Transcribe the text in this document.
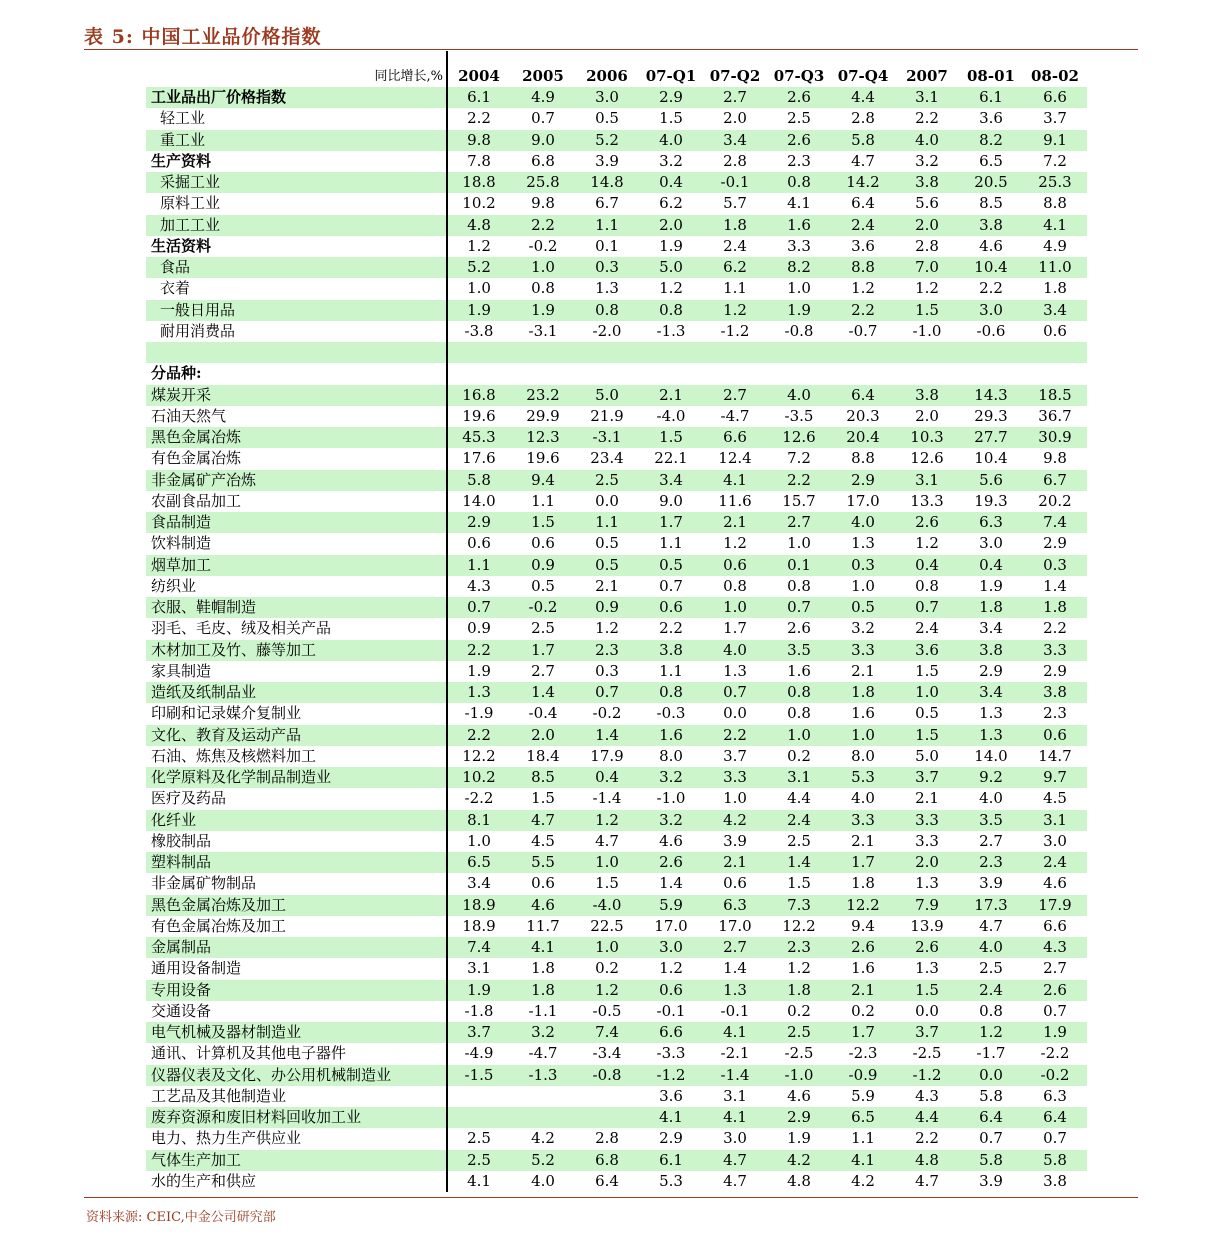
表 5: 中国工业品价格指数
同比增长,%	2004	2005	2006	07-Q1	07-Q2	07-Q3	07-Q4	2007	08-01	08-02
工业品出厂价格指数	6.1	4.9	3.0	2.9	2.7	2.6	4.4	3.1	6.1	6.6
轻工业	2.2	0.7	0.5	1.5	2.0	2.5	2.8	2.2	3.6	3.7
重工业	9.8	9.0	5.2	4.0	3.4	2.6	5.8	4.0	8.2	9.1
生产资料	7.8	6.8	3.9	3.2	2.8	2.3	4.7	3.2	6.5	7.2
采掘工业	18.8	25.8	14.8	0.4	-0.1	0.8	14.2	3.8	20.5	25.3
原料工业	10.2	9.8	6.7	6.2	5.7	4.1	6.4	5.6	8.5	8.8
加工工业	4.8	2.2	1.1	2.0	1.8	1.6	2.4	2.0	3.8	4.1
生活资料	1.2	-0.2	0.1	1.9	2.4	3.3	3.6	2.8	4.6	4.9
食品	5.2	1.0	0.3	5.0	6.2	8.2	8.8	7.0	10.4	11.0
衣着	1.0	0.8	1.3	1.2	1.1	1.0	1.2	1.2	2.2	1.8
一般日用品	1.9	1.9	0.8	0.8	1.2	1.9	2.2	1.5	3.0	3.4
耐用消费品	-3.8	-3.1	-2.0	-1.3	-1.2	-0.8	-0.7	-1.0	-0.6	0.6

分品种:										
煤炭开采	16.8	23.2	5.0	2.1	2.7	4.0	6.4	3.8	14.3	18.5
石油天然气	19.6	29.9	21.9	-4.0	-4.7	-3.5	20.3	2.0	29.3	36.7
黑色金属冶炼	45.3	12.3	-3.1	1.5	6.6	12.6	20.4	10.3	27.7	30.9
有色金属冶炼	17.6	19.6	23.4	22.1	12.4	7.2	8.8	12.6	10.4	9.8
非金属矿产冶炼	5.8	9.4	2.5	3.4	4.1	2.2	2.9	3.1	5.6	6.7
农副食品加工	14.0	1.1	0.0	9.0	11.6	15.7	17.0	13.3	19.3	20.2
食品制造	2.9	1.5	1.1	1.7	2.1	2.7	4.0	2.6	6.3	7.4
饮料制造	0.6	0.6	0.5	1.1	1.2	1.0	1.3	1.2	3.0	2.9
烟草加工	1.1	0.9	0.5	0.5	0.6	0.1	0.3	0.4	0.4	0.3
纺织业	4.3	0.5	2.1	0.7	0.8	0.8	1.0	0.8	1.9	1.4
衣服、鞋帽制造	0.7	-0.2	0.9	0.6	1.0	0.7	0.5	0.7	1.8	1.8
羽毛、毛皮、绒及相关产品	0.9	2.5	1.2	2.2	1.7	2.6	3.2	2.4	3.4	2.2
木材加工及竹、藤等加工	2.2	1.7	2.3	3.8	4.0	3.5	3.3	3.6	3.8	3.3
家具制造	1.9	2.7	0.3	1.1	1.3	1.6	2.1	1.5	2.9	2.9
造纸及纸制品业	1.3	1.4	0.7	0.8	0.7	0.8	1.8	1.0	3.4	3.8
印刷和记录媒介复制业	-1.9	-0.4	-0.2	-0.3	0.0	0.8	1.6	0.5	1.3	2.3
文化、教育及运动产品	2.2	2.0	1.4	1.6	2.2	1.0	1.0	1.5	1.3	0.6
石油、炼焦及核燃料加工	12.2	18.4	17.9	8.0	3.7	0.2	8.0	5.0	14.0	14.7
化学原料及化学制品制造业	10.2	8.5	0.4	3.2	3.3	3.1	5.3	3.7	9.2	9.7
医疗及药品	-2.2	1.5	-1.4	-1.0	1.0	4.4	4.0	2.1	4.0	4.5
化纤业	8.1	4.7	1.2	3.2	4.2	2.4	3.3	3.3	3.5	3.1
橡胶制品	1.0	4.5	4.7	4.6	3.9	2.5	2.1	3.3	2.7	3.0
塑料制品	6.5	5.5	1.0	2.6	2.1	1.4	1.7	2.0	2.3	2.4
非金属矿物制品	3.4	0.6	1.5	1.4	0.6	1.5	1.8	1.3	3.9	4.6
黑色金属冶炼及加工	18.9	4.6	-4.0	5.9	6.3	7.3	12.2	7.9	17.3	17.9
有色金属冶炼及加工	18.9	11.7	22.5	17.0	17.0	12.2	9.4	13.9	4.7	6.6
金属制品	7.4	4.1	1.0	3.0	2.7	2.3	2.6	2.6	4.0	4.3
通用设备制造	3.1	1.8	0.2	1.2	1.4	1.2	1.6	1.3	2.5	2.7
专用设备	1.9	1.8	1.2	0.6	1.3	1.8	2.1	1.5	2.4	2.6
交通设备	-1.8	-1.1	-0.5	-0.1	-0.1	0.2	0.2	0.0	0.8	0.7
电气机械及器材制造业	3.7	3.2	7.4	6.6	4.1	2.5	1.7	3.7	1.2	1.9
通讯、计算机及其他电子器件	-4.9	-4.7	-3.4	-3.3	-2.1	-2.5	-2.3	-2.5	-1.7	-2.2
仪器仪表及文化、办公用机械制造业	-1.5	-1.3	-0.8	-1.2	-1.4	-1.0	-0.9	-1.2	0.0	-0.2
工艺品及其他制造业				3.6	3.1	4.6	5.9	4.3	5.8	6.3
废弃资源和废旧材料回收加工业				4.1	4.1	2.9	6.5	4.4	6.4	6.4
电力、热力生产供应业	2.5	4.2	2.8	2.9	3.0	1.9	1.1	2.2	0.7	0.7
气体生产加工	2.5	5.2	6.8	6.1	4.7	4.2	4.1	4.8	5.8	5.8
水的生产和供应	4.1	4.0	6.4	5.3	4.7	4.8	4.2	4.7	3.9	3.8
资料来源: CEIC,中金公司研究部
